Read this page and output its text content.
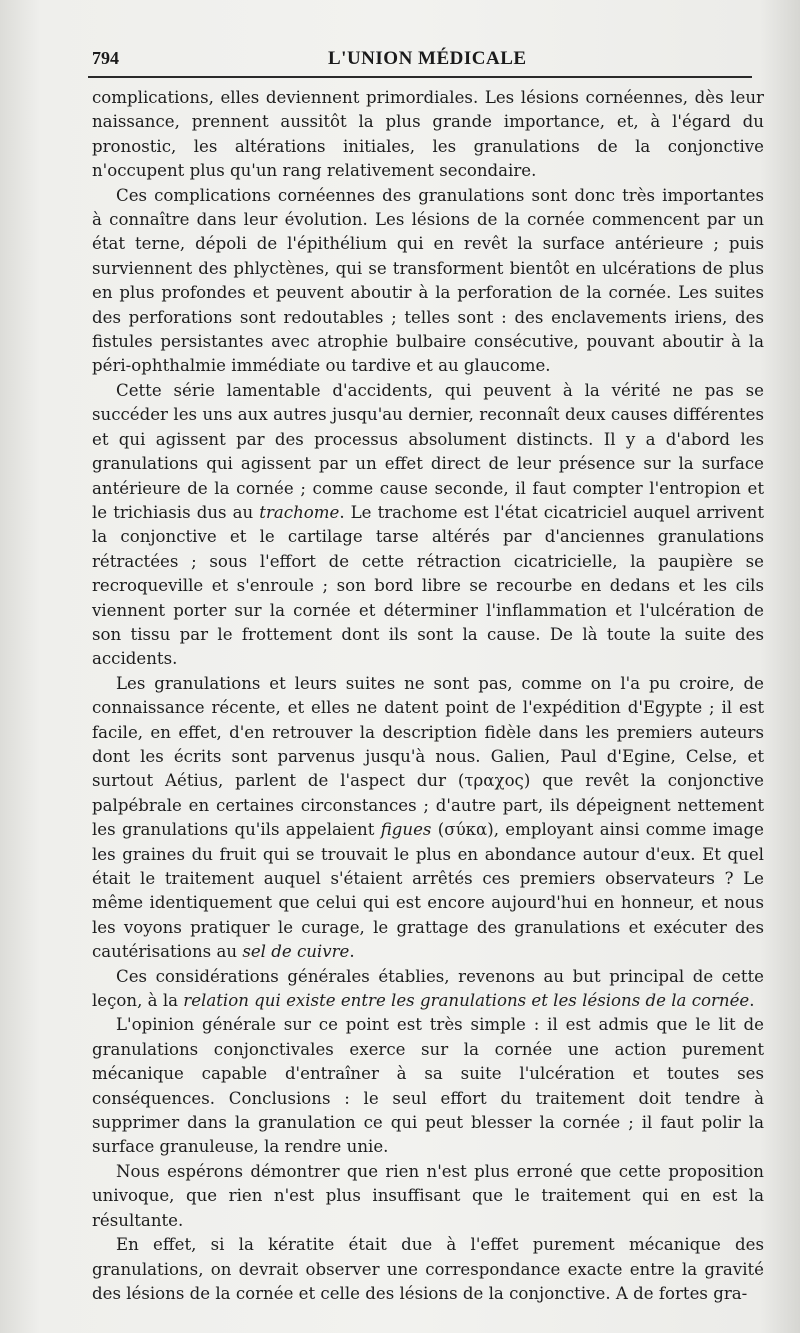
794	L'UNION MÉDICALE

complications, elles deviennent primordiales. Les lésions cornéennes, dès leur naissance, prennent aussitôt la plus grande importance, et, à l'égard du pronostic, les altérations initiales, les granulations de la conjonctive n'occupent plus qu'un rang relativement secondaire.

Ces complications cornéennes des granulations sont donc très importantes à connaître dans leur évolution. Les lésions de la cornée commencent par un état terne, dépoli de l'épithélium qui en revêt la surface antérieure ; puis surviennent des phlyctènes, qui se transforment bientôt en ulcérations de plus en plus profondes et peuvent aboutir à la perforation de la cornée. Les suites des perforations sont redoutables ; telles sont : des enclavements iriens, des fistules persistantes avec atrophie bulbaire consécutive, pouvant aboutir à la péri-ophthalmie immédiate ou tardive et au glaucome.

Cette série lamentable d'accidents, qui peuvent à la vérité ne pas se succéder les uns aux autres jusqu'au dernier, reconnaît deux causes différentes et qui agissent par des processus absolument distincts. Il y a d'abord les granulations qui agissent par un effet direct de leur présence sur la surface antérieure de la cornée ; comme cause seconde, il faut compter l'entropion et le trichiasis dus au trachome. Le trachome est l'état cicatriciel auquel arrivent la conjonctive et le cartilage tarse altérés par d'anciennes granulations rétractées ; sous l'effort de cette rétraction cicatricielle, la paupière se recroqueville et s'enroule ; son bord libre se recourbe en dedans et les cils viennent porter sur la cornée et déterminer l'inflammation et l'ulcération de son tissu par le frottement dont ils sont la cause. De là toute la suite des accidents.

Les granulations et leurs suites ne sont pas, comme on l'a pu croire, de connaissance récente, et elles ne datent point de l'expédition d'Egypte ; il est facile, en effet, d'en retrouver la description fidèle dans les premiers auteurs dont les écrits sont parvenus jusqu'à nous. Galien, Paul d'Egine, Celse, et surtout Aétius, parlent de l'aspect dur (τραχος) que revêt la conjonctive palpébrale en certaines circonstances ; d'autre part, ils dépeignent nettement les granulations qu'ils appelaient figues (σύκα), employant ainsi comme image les graines du fruit qui se trouvait le plus en abondance autour d'eux. Et quel était le traitement auquel s'étaient arrêtés ces premiers observateurs ? Le même identiquement que celui qui est encore aujourd'hui en honneur, et nous les voyons pratiquer le curage, le grattage des granulations et exécuter des cautérisations au sel de cuivre.

Ces considérations générales établies, revenons au but principal de cette leçon, à la relation qui existe entre les granulations et les lésions de la cornée.

L'opinion générale sur ce point est très simple : il est admis que le lit de granulations conjonctivales exerce sur la cornée une action purement mécanique capable d'entraîner à sa suite l'ulcération et toutes ses conséquences. Conclusions : le seul effort du traitement doit tendre à supprimer dans la granulation ce qui peut blesser la cornée ; il faut polir la surface granuleuse, la rendre unie.

Nous espérons démontrer que rien n'est plus erroné que cette proposition univoque, que rien n'est plus insuffisant que le traitement qui en est la résultante.

En effet, si la kératite était due à l'effet purement mécanique des granulations, on devrait observer une correspondance exacte entre la gravité des lésions de la cornée et celle des lésions de la conjonctive. A de fortes gra-
